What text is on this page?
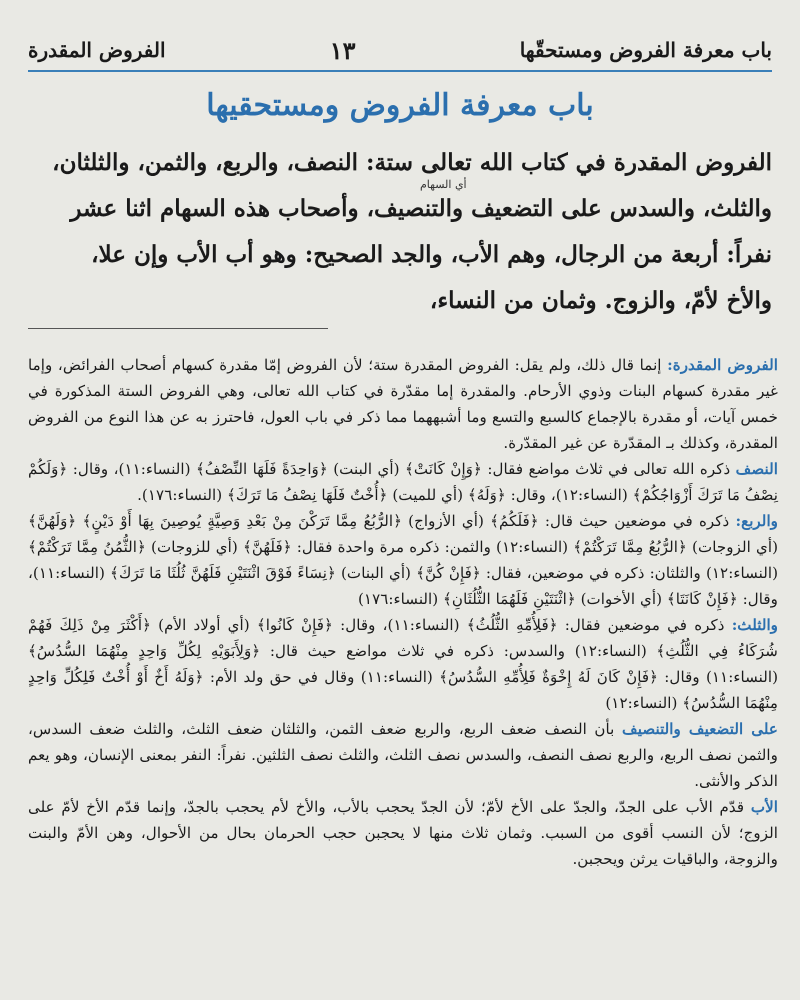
باب معرفة الفروض ومستحقّها
١٣
الفروض المقدرة
باب معرفة الفروض ومستحقيها
أي السهام

الفروض المقدرة في كتاب الله تعالى ستة: النصف، والربع، والثمن، والثلثان،

والثلث، والسدس على التضعيف والتنصيف، وأصحاب هذه السهام اثنا عشر

نفراً: أربعة من الرجال، وهم الأب، والجد الصحيح: وهو أب الأب وإن علا،

والأخ لأمّ، والزوج. وثمان من النساء،

الفروض المقدرة: إنما قال ذلك، ولم يقل: الفروض المقدرة ستة؛ لأن الفروض إمّا مقدرة كسهام أصحاب الفرائض، وإما غير مقدرة كسهام البنات وذوي الأرحام. والمقدرة إما مقدّرة في كتاب الله تعالى، وهي الفروض الستة المذكورة في خمس آيات، أو مقدرة بالإجماع كالسبع والتسع وما أشبههما مما ذكر في باب العول، فاحترز به عن هذا النوع من الفروض المقدرة، وكذلك بـ المقدّرة عن غير المقدّرة.

النصف ذكره الله تعالى في ثلاث مواضع فقال: ﴿وَإِنْ كَانَتْ﴾ (أي البنت) ﴿وَاحِدَةً فَلَهَا النِّصْفُ﴾ (النساء:١١)، وقال: ﴿وَلَكُمْ نِصْفُ مَا تَرَكَ أَزْوَاجُكُمْ﴾ (النساء:١٢)، وقال: ﴿وَلَهُ﴾ (أي للميت) ﴿أُخْتٌ فَلَهَا نِصْفُ مَا تَرَكَ﴾ (النساء:١٧٦).

والربع: ذكره في موضعين حيث قال: ﴿فَلَكُمُ﴾ (أي الأزواج) ﴿الرُّبُعُ مِمَّا تَرَكْنَ مِنْ بَعْدِ وَصِيَّةٍ يُوصِينَ بِهَا أَوْ دَيْنٍ﴾ ﴿وَلَهُنَّ﴾ (أي الزوجات) ﴿الرُّبُعُ مِمَّا تَرَكْتُمْ﴾ (النساء:١٢) والثمن: ذكره مرة واحدة فقال: ﴿فَلَهُنَّ﴾ (أي للزوجات) ﴿الثُّمُنُ مِمَّا تَرَكْتُمْ﴾ (النساء:١٢) والثلثان: ذكره في موضعين، فقال: ﴿فَإِنْ كُنَّ﴾ (أي البنات) ﴿نِسَاءً فَوْقَ اثْنَتَيْنِ فَلَهُنَّ ثُلُثَا مَا تَرَكَ﴾ (النساء:١١)، وقال: ﴿فَإِنْ كَانَتَا﴾ (أي الأخوات) ﴿اثْنَتَيْنِ فَلَهُمَا الثُّلُثَانِ﴾ (النساء:١٧٦)

والثلث: ذكره في موضعين فقال: ﴿فَلِأُمِّهِ الثُّلُثُ﴾ (النساء:١١)، وقال: ﴿فَإِنْ كَانُوا﴾ (أي أولاد الأم) ﴿أَكْثَرَ مِنْ ذَلِكَ فَهُمْ شُرَكَاءُ فِي الثُّلُثِ﴾ (النساء:١٢) والسدس: ذكره في ثلاث مواضع حيث قال: ﴿وَلِأَبَوَيْهِ لِكُلِّ وَاحِدٍ مِنْهُمَا السُّدُسُ﴾ (النساء:١١) وقال: ﴿فَإِنْ كَانَ لَهُ إِخْوَةٌ فَلِأُمِّهِ السُّدُسُ﴾ (النساء:١١) وقال في حق ولد الأم: ﴿وَلَهُ أَخٌ أَوْ أُخْتٌ فَلِكُلِّ وَاحِدٍ مِنْهُمَا السُّدُسُ﴾ (النساء:١٢)

على التضعيف والتنصيف بأن النصف ضعف الربع، والربع ضعف الثمن، والثلثان ضعف الثلث، والثلث ضعف السدس، والثمن نصف الربع، والربع نصف النصف، والسدس نصف الثلث، والثلث نصف الثلثين. نفراً: النفر بمعنى الإنسان، وهو يعم الذكر والأنثى.

الأب قدّم الأب على الجدّ، والجدّ على الأخ لأمّ؛ لأن الجدّ يحجب بالأب، والأخ لأم يحجب بالجدّ، وإنما قدّم الأخ لأمّ على الزوج؛ لأن النسب أقوى من السبب. وثمان ثلاث منها لا يحجبن حجب الحرمان بحال من الأحوال، وهن الأمّ والبنت والزوجة، والباقيات يرثن ويحجبن.
